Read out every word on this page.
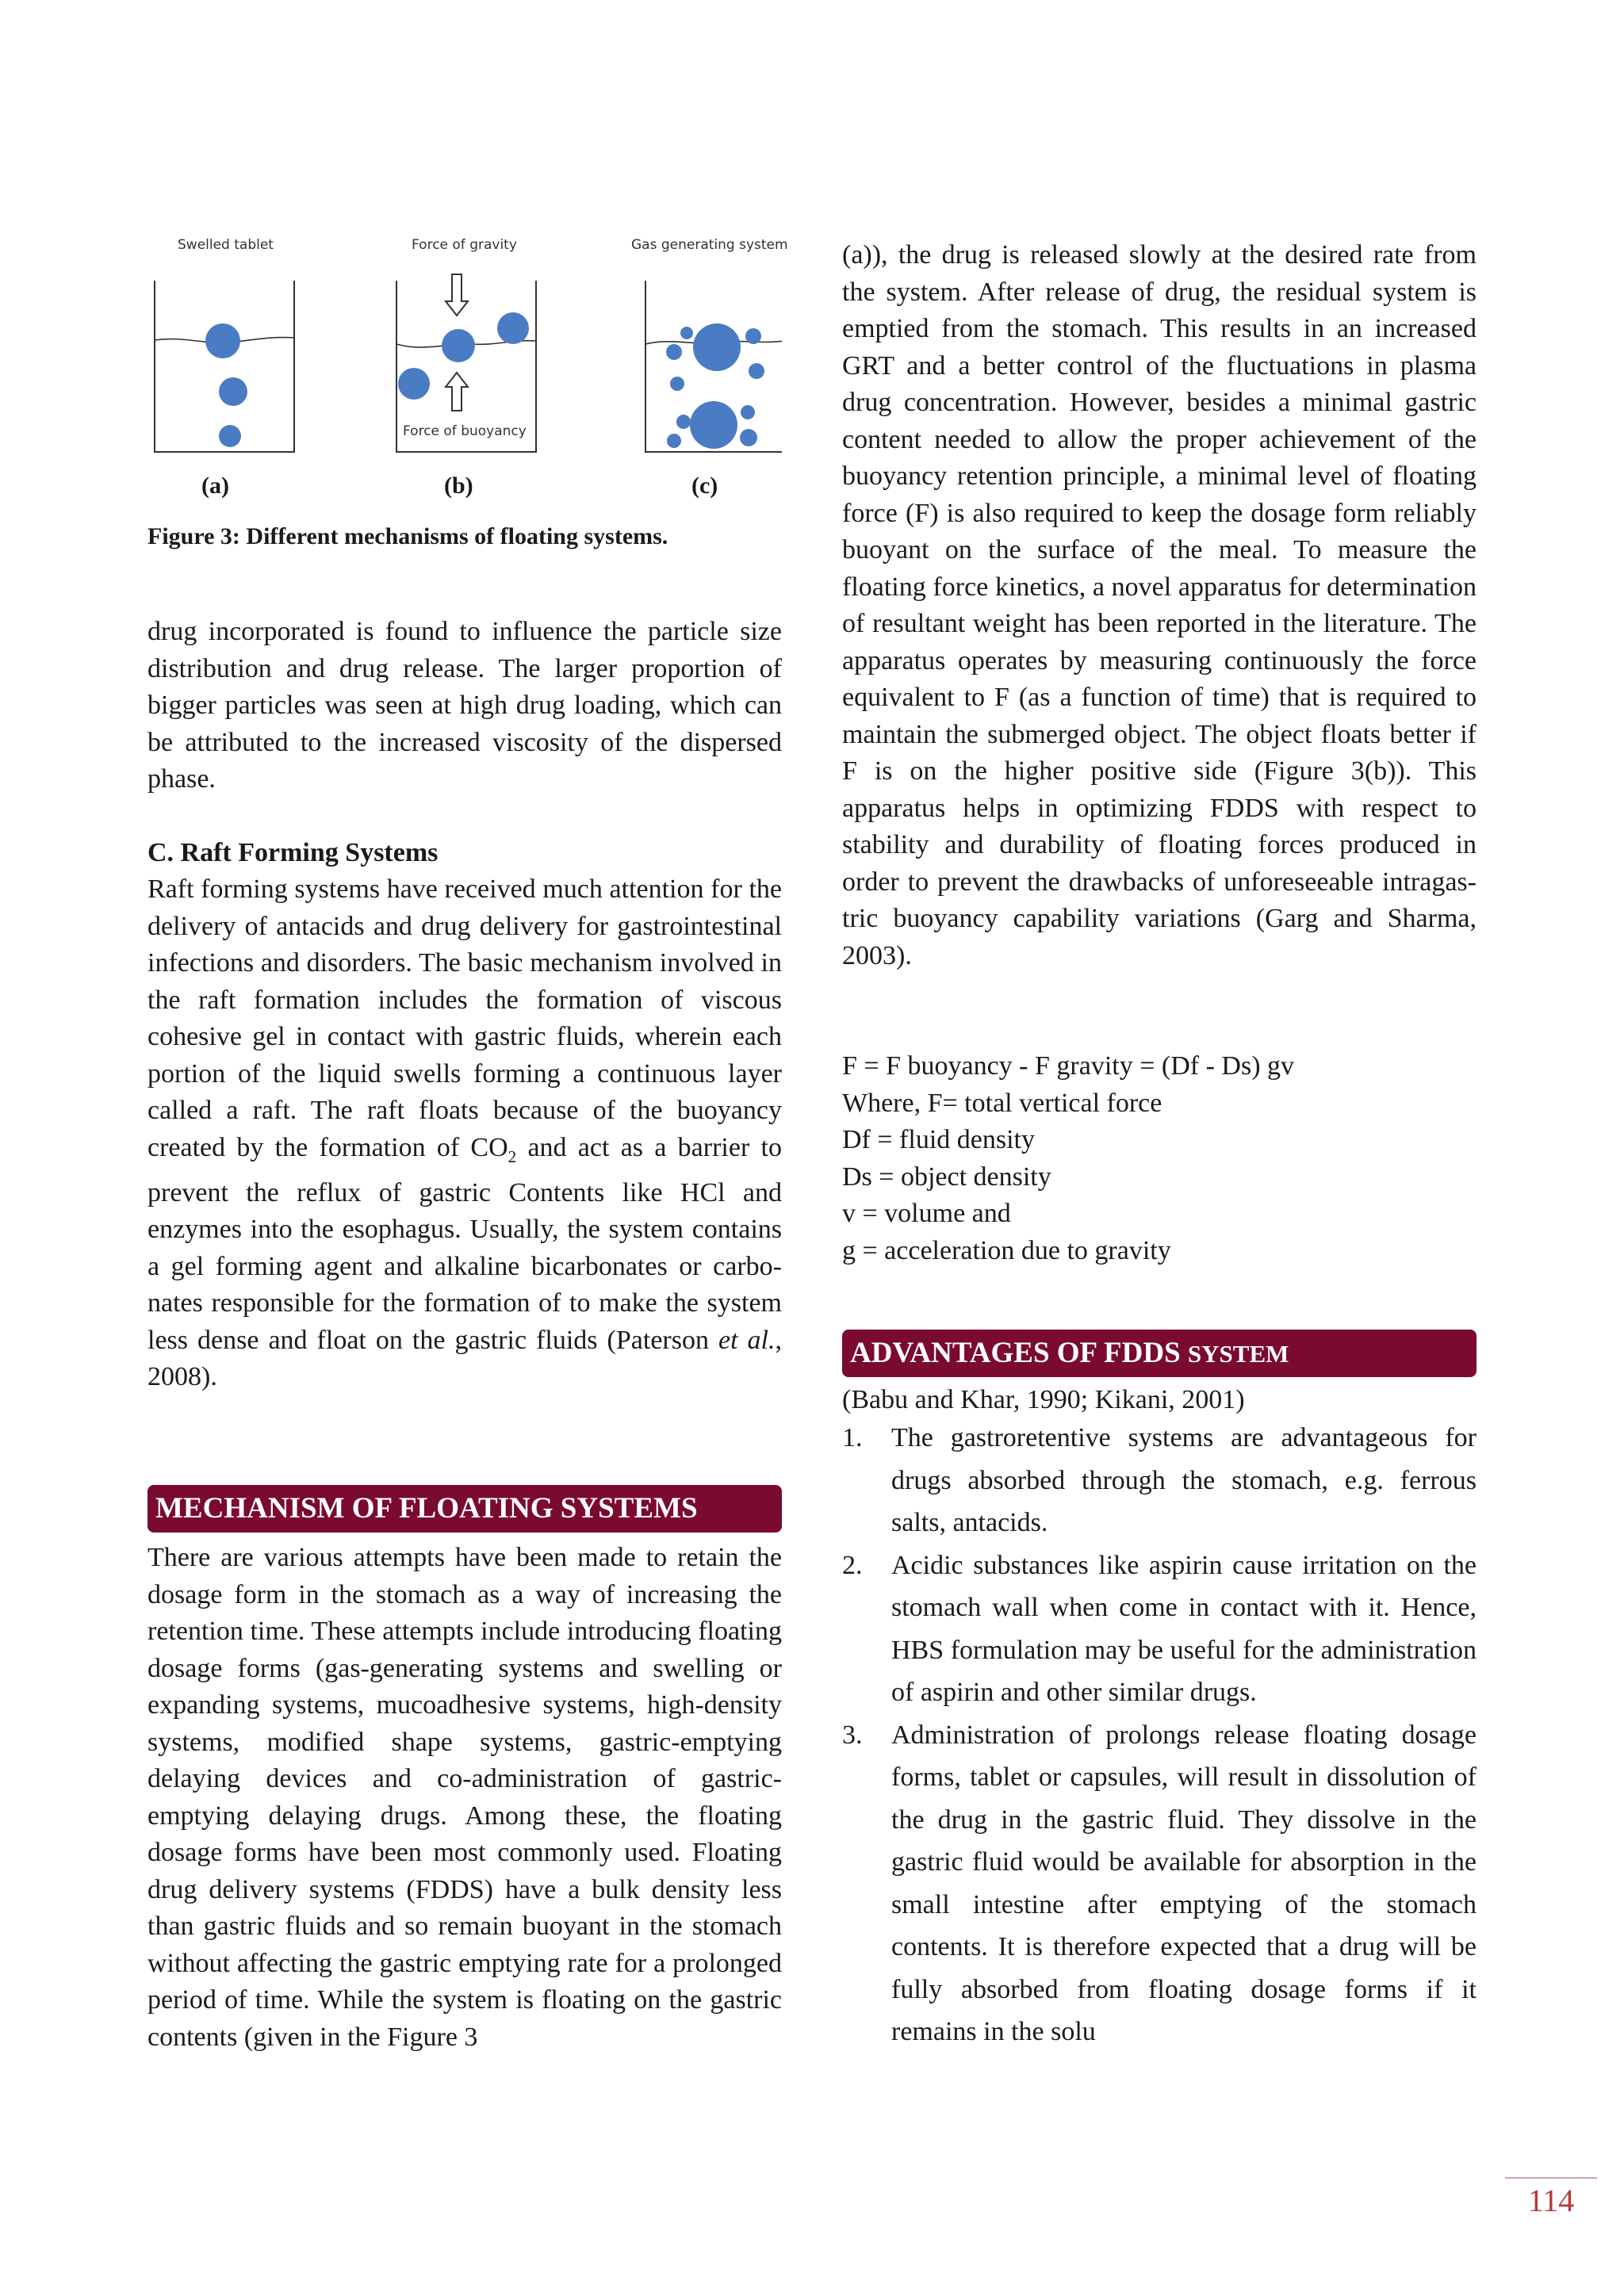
Swelled tablet	Force of gravity	Gas generating system
Force of buoyancy
(a)	(b)	(c)

Figure 3: Different mechanisms of floating systems.

drug incorporated is found to influence the particle size distribution and drug release. The larger proportion of bigger particles was seen at high drug loading, which can be attributed to the increased viscosity of the dispersed phase.

C. Raft Forming Systems

Raft forming systems have received much attention for the delivery of antacids and drug delivery for gastrointestinal infections and disorders. The basic mechanism involved in the raft formation includes the formation of viscous cohesive gel in contact with gastric fluids, wherein each portion of the liquid swells forming a continuous layer called a raft. The raft floats because of the buoyancy created by the formation of $CO_2$ and act as a barrier to prevent the reflux of gastric Contents like HCl and enzymes into the esophagus. Usually, the system contains a gel forming agent and alkaline bicarbonates or carbonates responsible for the formation of to make the system less dense and float on the gastric fluids (Paterson et al., 2008).

MECHANISM OF FLOATING SYSTEMS

There are various attempts have been made to retain the dosage form in the stomach as a way of increasing the retention time. These attempts include introducing floating dosage forms (gas-generating systems and swelling or expanding systems, mucoadhesive systems, high-density systems, modified shape systems, gastric-emptying delaying devices and co-administration of gastric-emptying delaying drugs. Among these, the floating dosage forms have been most commonly used. Floating drug delivery systems (FDDS) have a bulk density less than gastric fluids and so remain buoyant in the stomach without affecting the gastric emptying rate for a prolonged period of time. While the system is floating on the gastric contents (given in the Figure 3

(a)), the drug is released slowly at the desired rate from the system. After release of drug, the residual system is emptied from the stomach. This results in an increased GRT and a better control of the fluctuations in plasma drug concentration. However, besides a minimal gastric content needed to allow the proper achievement of the buoyancy retention principle, a minimal level of floating force (F) is also required to keep the dosage form reliably buoyant on the surface of the meal. To measure the floating force kinetics, a novel apparatus for determination of resultant weight has been reported in the literature. The apparatus operates by measuring continuously the force equivalent to F (as a function of time) that is required to maintain the submerged object. The object floats better if F is on the higher positive side (Figure 3(b)). This apparatus helps in optimizing FDDS with respect to stability and durability of floating forces produced in order to prevent the drawbacks of unforeseeable intragastric buoyancy capability variations (Garg and Sharma, 2003).

F = F buoyancy - F gravity = (Df - Ds) gv

Where, F= total vertical force

Df = fluid density

Ds = object density

v = volume and

g = acceleration due to gravity

ADVANTAGES OF FDDS SYSTEM

(Babu and Khar, 1990; Kikani, 2001)

1. The gastroretentive systems are advantageous for drugs absorbed through the stomach, e.g. ferrous salts, antacids.
2. Acidic substances like aspirin cause irritation on the stomach wall when come in contact with it. Hence, HBS formulation may be useful for the administration of aspirin and other similar drugs.
3. Administration of prolongs release floating dosage forms, tablet or capsules, will result in dissolution of the drug in the gastric fluid. They dissolve in the gastric fluid would be available for absorption in the small intestine after emptying of the stomach contents. It is therefore expected that a drug will be fully absorbed from floating dosage forms if it remains in the solu
114
